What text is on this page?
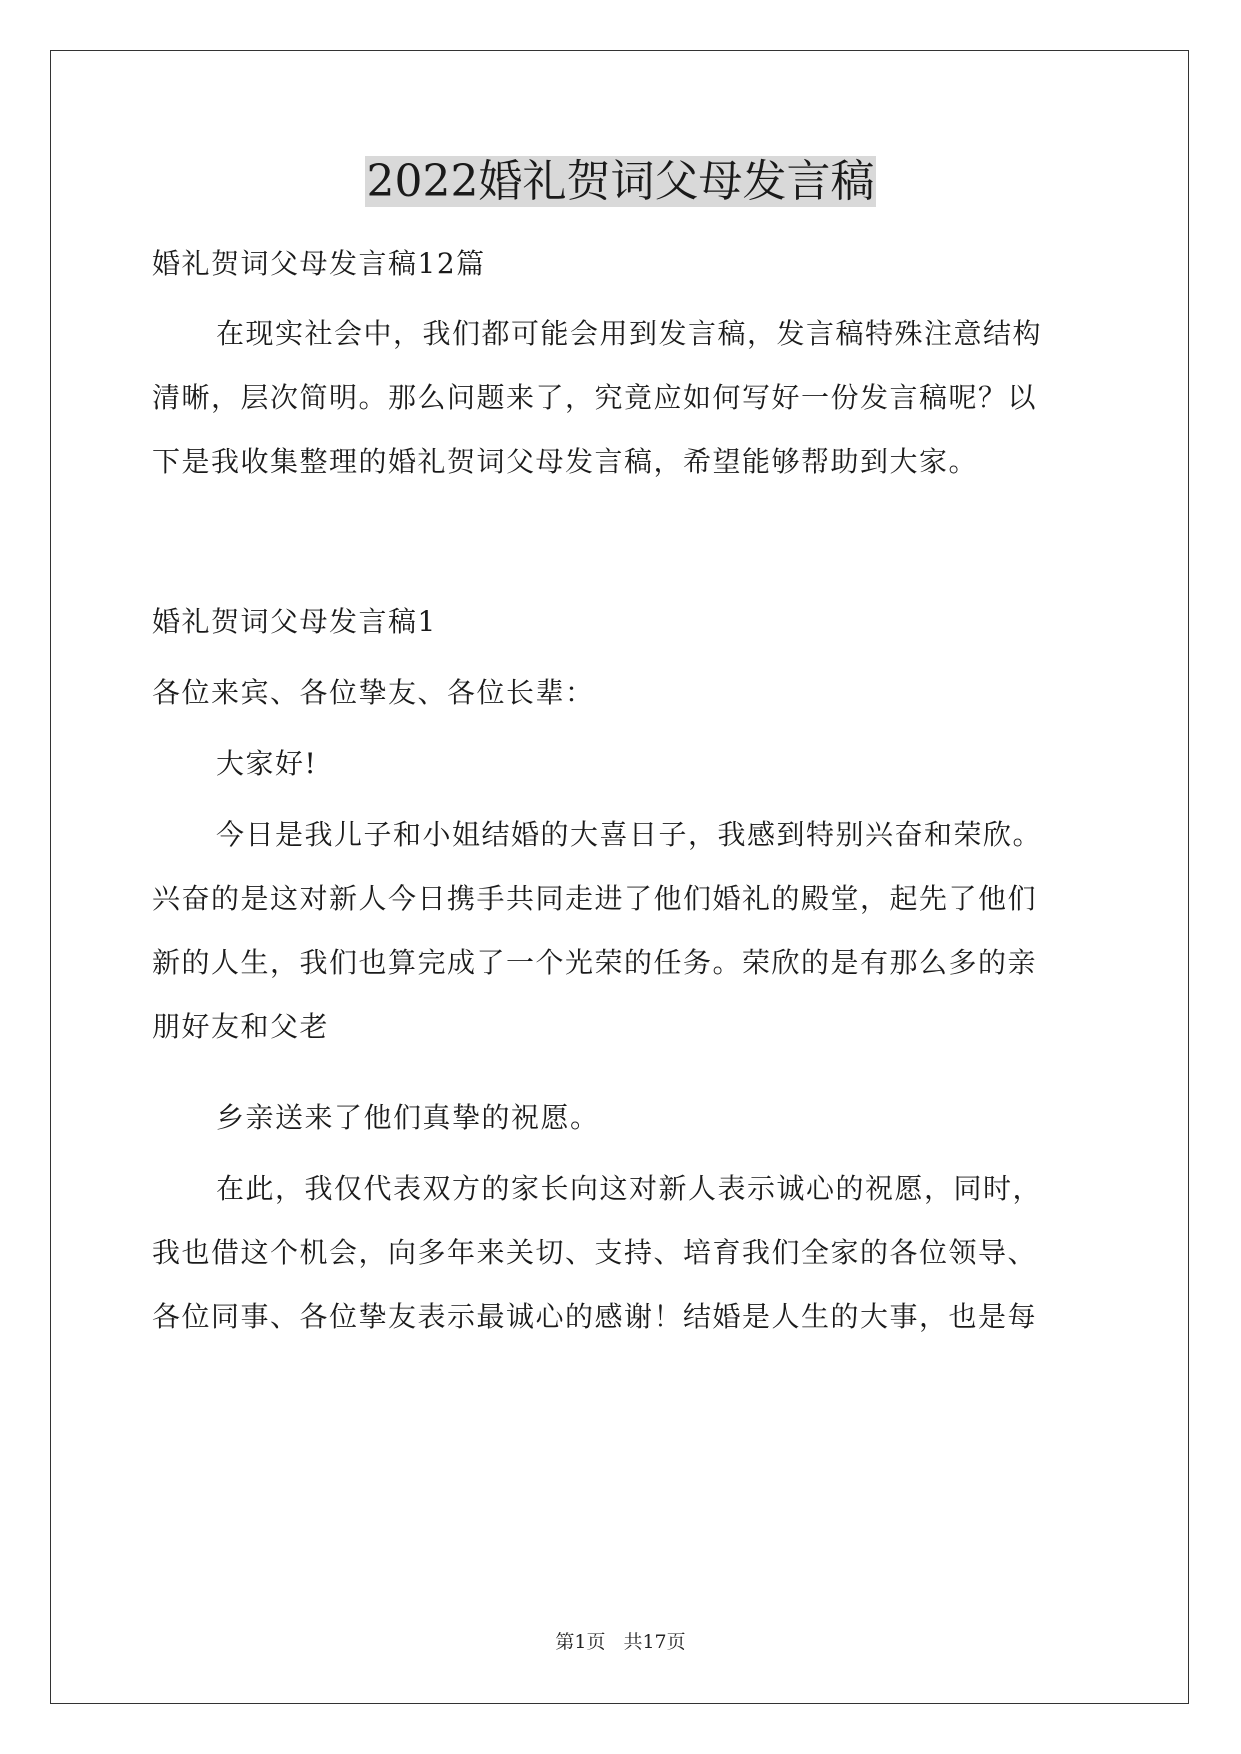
2022婚礼贺词父母发言稿

婚礼贺词父母发言稿12篇

在现实社会中，我们都可能会用到发言稿，发言稿特殊注意结构
清晰，层次简明。那么问题来了，究竟应如何写好一份发言稿呢？以
下是我收集整理的婚礼贺词父母发言稿，希望能够帮助到大家。

婚礼贺词父母发言稿1

各位来宾、各位挚友、各位长辈：

大家好!

今日是我儿子和小姐结婚的大喜日子，我感到特别兴奋和荣欣。
兴奋的是这对新人今日携手共同走进了他们婚礼的殿堂，起先了他们
新的人生，我们也算完成了一个光荣的任务。荣欣的是有那么多的亲
朋好友和父老

乡亲送来了他们真挚的祝愿。

在此，我仅代表双方的家长向这对新人表示诚心的祝愿，同时，
我也借这个机会，向多年来关切、支持、培育我们全家的各位领导、
各位同事、各位挚友表示最诚心的感谢！结婚是人生的大事，也是每

第1页 共17页
